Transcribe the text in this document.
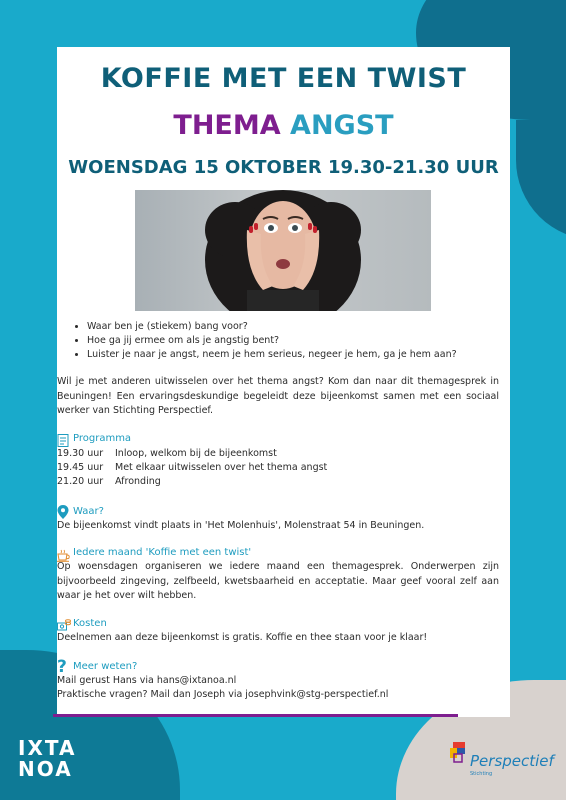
KOFFIE MET EEN TWIST
THEMA ANGST
WOENSDAG 15 OKTOBER 19.30-21.30 UUR
• Waar ben je (stiekem) bang voor?
• Hoe ga jij ermee om als je angstig bent?
• Luister je naar je angst, neem je hem serieus, negeer je hem, ga je hem aan?

Wil je met anderen uitwisselen over het thema angst? Kom dan naar dit themagesprek in Beuningen! Een ervaringsdeskundige begeleidt deze bijeenkomst samen met een sociaal werker van Stichting Perspectief.

Programma
19.30 uur Inloop, welkom bij de bijeenkomst
19.45 uur Met elkaar uitwisselen over het thema angst
21.20 uur Afronding
Waar?

De bijeenkomst vindt plaats in 'Het Molenhuis', Molenstraat 54 in Beuningen.

Iedere maand 'Koffie met een twist'

Op woensdagen organiseren we iedere maand een themagesprek. Onderwerpen zijn bijvoorbeeld zingeving, zelfbeeld, kwetsbaarheid en acceptatie. Maar geef vooral zelf aan waar je het over wilt hebben.

Kosten

Deelnemen aan deze bijeenkomst is gratis. Koffie en thee staan voor je klaar!

? Meer weten?

Mail gerust Hans via hans@ixtanoa.nl

Praktische vragen? Mail dan Joseph via josephvink@stg-perspectief.nl

IXTA
NOA	Perspectief
Stichting
